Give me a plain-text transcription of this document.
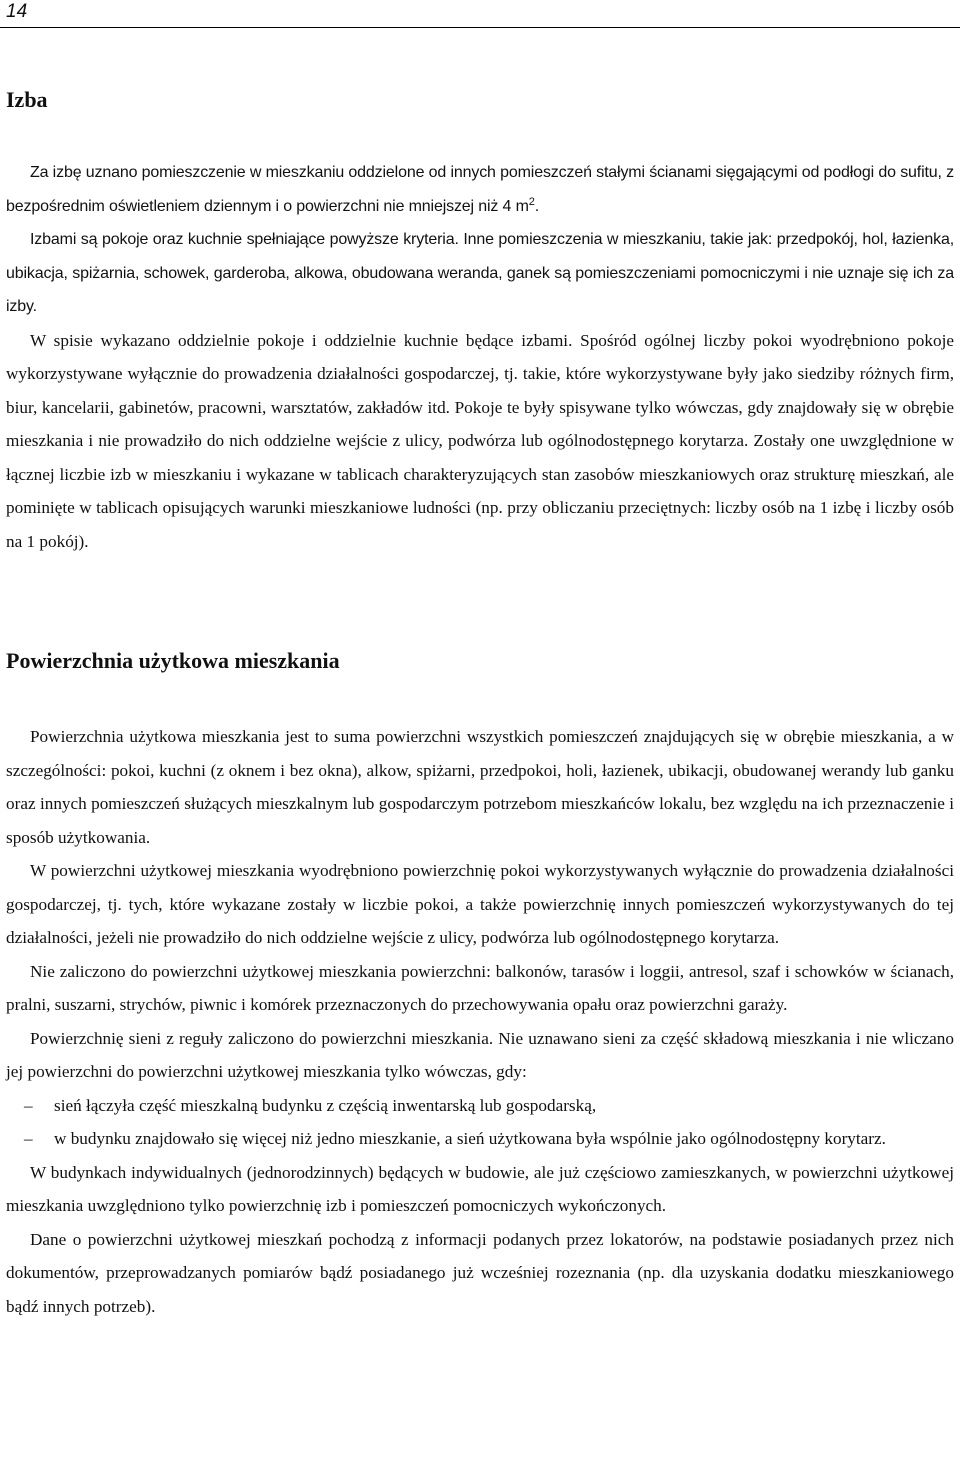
14
Izba

Za izbę uznano pomieszczenie w mieszkaniu oddzielone od innych pomieszczeń stałymi ścianami sięgającymi od podłogi do sufitu, z bezpośrednim oświetleniem dziennym i o powierzchni nie mniejszej niż 4 $m^2$.

Izbami są pokoje oraz kuchnie spełniające powyższe kryteria. Inne pomieszczenia w mieszkaniu, takie jak: przedpokój, hol, łazienka, ubikacja, spiżarnia, schowek, garderoba, alkowa, obudowana weranda, ganek są pomieszczeniami pomocniczymi i nie uznaje się ich za izby.

W spisie wykazano oddzielnie pokoje i oddzielnie kuchnie będące izbami. Spośród ogólnej liczby pokoi wyodrębniono pokoje wykorzystywane wyłącznie do prowadzenia działalności gospodarczej, tj. takie, które wykorzystywane były jako siedziby różnych firm, biur, kancelarii, gabinetów, pracowni, warsztatów, zakładów itd. Pokoje te były spisywane tylko wówczas, gdy znajdowały się w obrębie mieszkania i nie prowadziło do nich oddzielne wejście z ulicy, podwórza lub ogólnodostępnego korytarza. Zostały one uwzględnione w łącznej liczbie izb w mieszkaniu i wykazane w tablicach charakteryzujących stan zasobów mieszkaniowych oraz strukturę mieszkań, ale pominięte w tablicach opisujących warunki mieszkaniowe ludności (np. przy obliczaniu przeciętnych: liczby osób na 1 izbę i liczby osób na 1 pokój).

Powierzchnia użytkowa mieszkania

Powierzchnia użytkowa mieszkania jest to suma powierzchni wszystkich pomieszczeń znajdujących się w obrębie mieszkania, a w szczególności: pokoi, kuchni (z oknem i bez okna), alkow, spiżarni, przedpokoi, holi, łazienek, ubikacji, obudowanej werandy lub ganku oraz innych pomieszczeń służących mieszkalnym lub gospodarczym potrzebom mieszkańców lokalu, bez względu na ich przeznaczenie i sposób użytkowania.

W powierzchni użytkowej mieszkania wyodrębniono powierzchnię pokoi wykorzystywanych wyłącznie do prowadzenia działalności gospodarczej, tj. tych, które wykazane zostały w liczbie pokoi, a także powierzchnię innych pomieszczeń wykorzystywanych do tej działalności, jeżeli nie prowadziło do nich oddzielne wejście z ulicy, podwórza lub ogólnodostępnego korytarza.

Nie zaliczono do powierzchni użytkowej mieszkania powierzchni: balkonów, tarasów i loggii, antresol, szaf i schowków w ścianach, pralni, suszarni, strychów, piwnic i komórek przeznaczonych do przechowywania opału oraz powierzchni garaży.

Powierzchnię sieni z reguły zaliczono do powierzchni mieszkania. Nie uznawano sieni za część składową mieszkania i nie wliczano jej powierzchni do powierzchni użytkowej mieszkania tylko wówczas, gdy:

–	sień łączyła część mieszkalną budynku z częścią inwentarską lub gospodarską,
–	w budynku znajdowało się więcej niż jedno mieszkanie, a sień użytkowana była wspólnie jako ogólnodostępny korytarz.

W budynkach indywidualnych (jednorodzinnych) będących w budowie, ale już częściowo zamieszkanych, w powierzchni użytkowej mieszkania uwzględniono tylko powierzchnię izb i pomieszczeń pomocniczych wykończonych.

Dane o powierzchni użytkowej mieszkań pochodzą z informacji podanych przez lokatorów, na podstawie posiadanych przez nich dokumentów, przeprowadzanych pomiarów bądź posiadanego już wcześniej rozeznania (np. dla uzyskania dodatku mieszkaniowego bądź innych potrzeb).
